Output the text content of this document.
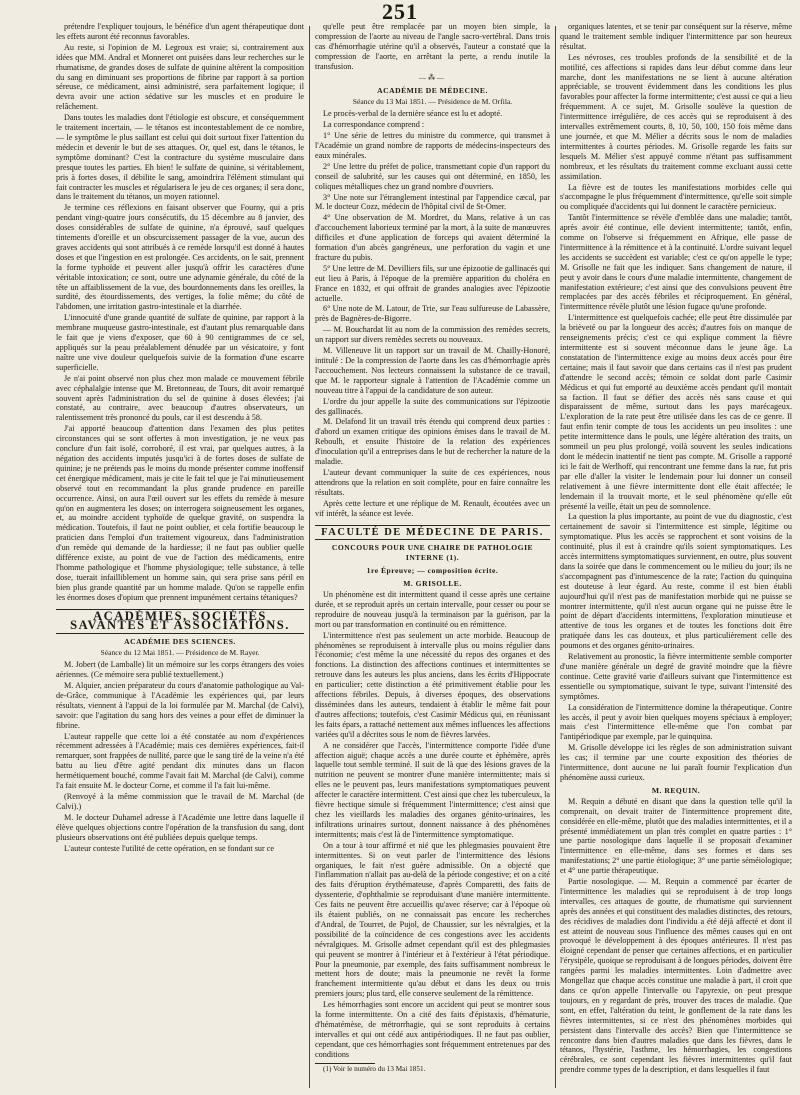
251

prétendre l'expliquer toujours, le bénéfice d'un agent thérapeutique dont les effets auront été reconnus favorables.

Au reste, si l'opinion de M. Legroux est vraie; si, contrairement aux idées que MM. Andral et Monneret ont puisées dans leur recherches sur le rhumatisme, de grandes doses de sulfate de quinine altèrent la composition du sang en diminuant ses proportions de fibrine par rapport à sa portion séreuse, ce médicament, ainsi administré, sera parfaitement logique; il devra avoir une action sédative sur les muscles et en produire le relâchement.

Dans toutes les maladies dont l'étiologie est obscure, et conséquemment le traitement incertain, — le tétanos est incontestablement de ce nombre, — le symptôme le plus saillant est celui qui doit surtout fixer l'attention du médecin et devenir le but de ses attaques. Or, quel est, dans le tétanos, le symptôme dominant? C'est la contracture du système musculaire dans presque toutes les parties. Eh bien! le sulfate de quinine, si véritablement, pris à fortes doses, il débilite le sang, amoindrira l'élément stimulant qui fait contracter les muscles et régularisera le jeu de ces organes; il sera donc, dans le traitement du tétanos, un moyen rationnel.

Je termine ces réflexions en faisant observer que Fourny, qui a pris pendant vingt-quatre jours consécutifs, du 15 décembre au 8 janvier, des doses considérables de sulfate de quinine, n'a éprouvé, sauf quelques tintements d'oreille et un obscurcissement passager de la vue, aucun des graves accidents qui sont attribués à ce remède lorsqu'il est donné à hautes doses et que l'ingestion en est prolongée. Ces accidents, on le sait, prennent la forme typhoïde et peuvent aller jusqu'à offrir les caractères d'une véritable intoxication; ce sont, outre une adynamie générale, du côté de la tête un affaiblissement de la vue, des bourdonnements dans les oreilles, la surdité, des étourdissements, des vertiges, la folie même; du côté de l'abdomen, une irritation gastro-intestinale et la diarrhée.

L'innocuité d'une grande quantité de sulfate de quinine, par rapport à la membrane muqueuse gastro-intestinale, est d'autant plus remarquable dans le fait que je viens d'exposer, que 60 à 90 centigrammes de ce sel, appliqués sur la peau préalablement dénudée par un vésicatoire, y font naître une vive douleur quelquefois suivie de la formation d'une escarre superficielle.

Je n'ai point observé non plus chez mon malade ce mouvement fébrile avec céphalalgie intense que M. Bretonneau, de Tours, dit avoir remarqué souvent après l'administration du sel de quinine à doses élevées; j'ai constaté, au contraire, avec beaucoup d'autres observateurs, un ralentissement très prononcé du pouls, car il est descendu à 58.

J'ai apporté beaucoup d'attention dans l'examen des plus petites circonstances qui se sont offertes à mon investigation, je ne veux pas conclure d'un fait isolé, corroboré, il est vrai, par quelques autres, à la négation des accidents imputés jusqu'ici à de fortes doses de sulfate de quinine; je ne prétends pas le moins du monde présenter comme inoffensif cet énergique médicament, mais je cite le fait tel que je l'ai minutieusement observé tout en recommandant la plus grande prudence en pareille occurrence. Ainsi, on aura l'œil ouvert sur les effets du remède à mesure qu'on en augmentera les doses; on interrogera soigneusement les organes, et, au moindre accident typhoïde de quelque gravité, on suspendra la médication. Toutefois, il faut ne point oublier, et cela fortifie beaucoup le praticien dans l'emploi d'un traitement vigoureux, dans l'administration d'un remède qui demande de la hardiesse; il ne faut pas oublier quelle différence existe, au point de vue de l'action des médicaments, entre l'homme pathologique et l'homme physiologique; telle substance, à telle dose, tuerait infailliblement un homme sain, qui sera prise sans péril en bien plus grande quantité par un homme malade. Qu'on se rappelle enfin les énormes doses d'opium que prennent impunément certains tétaniques?

ACADÉMIES, SOCIÉTÉS SAVANTES ET ASSOCIATIONS.
ACADÉMIE DES SCIENCES.
Séance du 12 Mai 1851. — Présidence de M. Rayer.

M. Jobert (de Lamballe) lit un mémoire sur les corps étrangers des voies aériennes. (Ce mémoire sera publié textuellement.)

M. Alquier, ancien préparateur du cours d'anatomie pathologique au Val-de-Grâce, communique à l'Académie les expériences qui, par leurs résultats, viennent à l'appui de la loi formulée par M. Marchal (de Calvi), savoir: que l'agitation du sang hors des veines a pour effet de diminuer la fibrine.

L'auteur rappelle que cette loi a été constatée au nom d'expériences récemment adressées à l'Académie; mais ces dernières expériences, fait-il remarquer, sont frappées de nullité, parce que le sang tiré de la veine n'a été battu au lieu d'être agité pendant dix minutes dans un flacon hermétiquement bouché, comme l'avait fait M. Marchal (de Calvi), comme l'a fait ensuite M. le docteur Corne, et comme il l'a fait lui-même.

(Renvoyé à la même commission que le travail de M. Marchal (de Calvi).)

M. le docteur Duhamel adresse à l'Académie une lettre dans laquelle il élève quelques objections contre l'opération de la transfusion du sang, dont plusieurs observations ont été publiées depuis quelque temps.

L'auteur conteste l'utilité de cette opération, en se fondant sur ce

qu'elle peut être remplacée par un moyen bien simple, la compression de l'aorte au niveau de l'angle sacro-vertébral. Dans trois cas d'hémorrhagie utérine qu'il a observés, l'auteur a constaté que la compression de l'aorte, en arrêtant la perte, a rendu inutile la transfusion.

—⁂—
ACADÉMIE DE MÉDECINE.
Séance du 13 Mai 1851. — Présidence de M. Orfila.

Le procès-verbal de la dernière séance est lu et adopté.

La correspondance comprend :

1° Une série de lettres du ministre du commerce, qui transmet à l'Académie un grand nombre de rapports de médecins-inspecteurs des eaux minérales.

2° Une lettre du préfet de police, transmettant copie d'un rapport du conseil de salubrité, sur les causes qui ont déterminé, en 1850, les coliques métalliques chez un grand nombre d'ouvriers.

3° Une note sur l'étranglement intestinal par l'appendice cæcal, par M. le docteur Cozz, médecin de l'hôpital civil de St-Omer.

4° Une observation de M. Mordret, du Mans, relative à un cas d'accouchement laborieux terminé par la mort, à la suite de manœuvres difficiles et d'une application de forceps qui avaient déterminé la formation d'un abcès gangréneux, une perforation du vagin et une fracture du pubis.

5° Une lettre de M. Devilliers fils, sur une épizootie de gallinacés qui eut lieu à Paris, à l'époque de la première apparition du choléra en France en 1832, et qui offrait de grandes analogies avec l'épizootie actuelle.

6° Une note de M. Latour, de Trie, sur l'eau sulfureuse de Labassère, près de Bagnères-de-Bigorre.

— M. Bouchardat lit au nom de la commission des remèdes secrets, un rapport sur divers remèdes secrets ou nouveaux.

M. Villeneuve lit un rapport sur un travail de M. Chailly-Honoré, intitulé : De la compression de l'aorte dans les cas d'hémorrhagie après l'accouchement. Nos lecteurs connaissent la substance de ce travail, que M. le rapporteur signale à l'attention de l'Académie comme un nouveau titre à l'appui de la candidature de son auteur.

L'ordre du jour appelle la suite des communications sur l'épizootie des gallinacés.

M. Delafond lit un travail très étendu qui comprend deux parties : d'abord un examen critique des opinions émises dans le travail de M. Reboulh, et ensuite l'histoire de la relation des expériences d'inoculation qu'il a entreprises dans le but de rechercher la nature de la maladie.

L'auteur devant communiquer la suite de ces expériences, nous attendrons que la relation en soit complète, pour en faire connaître les résultats.

Après cette lecture et une réplique de M. Renault, écoutées avec un vif intérêt, la séance est levée.

FACULTÉ DE MÉDECINE DE PARIS.
CONCOURS POUR UNE CHAIRE DE PATHOLOGIE INTERNE (1).
1re Épreuve; — composition écrite.
M. GRISOLLE.

Un phénomène est dit intermittent quand il cesse après une certaine durée, et se reproduit après un certain intervalle, pour cesser ou pour se reproduire de nouveau jusqu'à la terminaison par la guérison, par la mort ou par transformation en continuité ou en rémittence.

L'intermittence n'est pas seulement un acte morbide. Beaucoup de phénomènes se reproduisent à intervalle plus ou moins régulier dans l'économie; c'est même la une nécessité du repos des organes et des fonctions. La distinction des affections continues et intermittentes se retrouve dans les auteurs les plus anciens, dans les écrits d'Hippocrate en particulier; cette distinction a été primitivement établie pour les affections fébriles. Depuis, à diverses époques, des observations disséminées dans les auteurs, tendaient à établir le même fait pour d'autres affections; toutefois, c'est Casimir Médicus qui, en réunissant les faits épars, a rattaché nettement aux mêmes influences les affections variées qu'il a décrites sous le nom de fièvres larvées.

A ne considérer que l'accès, l'intermittence comporte l'idée d'une affection aiguë; chaque accès a une durée courte et éphémère, après laquelle tout semble terminé. Il suit de là que des lésions graves de la nutrition ne peuvent se montrer d'une manière intermittente; mais si elles ne le peuvent pas, leurs manifestations symptomatiques peuvent affecter le caractère intermittent. C'est ainsi que chez les tuberculeux, la fièvre hectique simule si fréquemment l'intermittence; c'est ainsi que chez les vieillards les maladies des organes génito-urinaires, les infiltrations urinaires surtout, donnent naissance à des phénomènes intermittents; mais c'est là de l'intermittence symptomatique.

On a tour à tour affirmé et nié que les phlegmasies pouvaient être intermittentes. Si on veut parler de l'intermittence des lésions organiques, le fait n'est guère admissible. On a objecté que l'inflammation n'allait pas au-delà de la période congestive; et on a cité des faits d'éruption érythémateuse, d'après Comparetti, des faits de dyssenterie, d'ophthalmie se reproduisant d'une manière intermittente. Ces faits ne peuvent être accueillis qu'avec réserve; car à l'époque où ils étaient publiés, on ne connaissait pas encore les recherches d'Andral, de Tourret, de Pujol, de Chaussier, sur les névralgies, et la possibilité de la coïncidence de ces congestions avec les accidents névralgiques. M. Grisolle admet cependant qu'il est des phlegmasies qui peuvent se montrer à l'intérieur et à l'extérieur à l'état périodique. Pour la pneumonie, par exemple, des faits suffisamment nombreux le mettent hors de doute; mais la pneumonie ne revêt la forme franchement intermittente qu'au début et dans les deux ou trois premiers jours; plus tard, elle conserve seulement de la rémittence.

Les hémorrhagies sont encore un accident qui peut se montrer sous la forme intermittente. On a cité des faits d'épistaxis, d'hématurie, d'hématémèse, de métrorrhagie, qui se sont reproduits à certains intervalles et qui ont cédé aux antipériodiques. Il ne faut pas oublier, cependant, que ces hémorrhagies sont fréquemment entretenues par des conditions

(1) Voir le numéro du 13 Mai 1851.

organiques latentes, et se tenir par conséquent sur la réserve, même quand le traitement semble indiquer l'intermittence par son heureux résultat.

Les névroses, ces troubles profonds de la sensibilité et de la motilité, ces affections si rapides dans leur début comme dans leur marche, dont les manifestations ne se lient à aucune altération appréciable, se trouvent évidemment dans les conditions les plus favorables pour affecter la forme intermittente; c'est aussi ce qui a lieu fréquemment. A ce sujet, M. Grisolle soulève la question de l'intermittence irrégulière, de ces accès qui se reproduisent à des intervalles extrêmement courts, 8, 10, 50, 100, 150 fois même dans une journée, et que M. Mélier a décrits sous le nom de maladies intermittentes à courtes périodes. M. Grisolle regarde les faits sur lesquels M. Mélier s'est appuyé comme n'étant pas suffisamment nombreux, et les résultats du traitement comme excluant aussi cette assimilation.

La fièvre est de toutes les manifestations morbides celle qui s'accompagne le plus fréquemment d'intermittence, qu'elle soit simple ou compliquée d'accidents qui lui donnent le caractère pernicieux.

Tantôt l'intermittence se révèle d'emblée dans une maladie; tantôt, après avoir été continue, elle devient intermittente; tantôt, enfin, comme on l'observe si fréquemment en Afrique, elle passe de l'intermittence à la rémittence et à la continuité. L'ordre suivant lequel les accidents se succèdent est variable; c'est ce qu'on appelle le type; M. Grisolle ne fait que les indiquer. Sans changement de nature, il peut y avoir dans le cours d'une maladie intermittente, changement de manifestation extérieure; c'est ainsi que des convulsions peuvent être remplacées par des accès fébriles et réciproquement. En général, l'intermittence révèle plutôt une lésion fugace qu'une profonde.

L'intermittence est quelquefois cachée; elle peut être dissimulée par la brièveté ou par la longueur des accès; d'autres fois on manque de renseignements précis; c'est ce qui explique comment la fièvre intermittente est si souvent méconnue dans le jeune âge. La constatation de l'intermittence exige au moins deux accès pour être certaine; mais il faut savoir que dans certains cas il n'est pas prudent d'attendre le second accès; témoin ce soldat dont parle Casimir Médicus et qui fut emporté au deuxième accès pendant qu'il montait sa faction. Il faut se défier des accès nés sans cause et qui disparaissent de même, surtout dans les pays marécageux. L'exploration de la rate peut être utilisée dans les cas de ce genre. Il faut enfin tenir compte de tous les accidents un peu insolites : une petite intermittence dans le pouls, une légère altération des traits, un sommeil un peu plus prolongé, voilà souvent les seules indications dont le médecin inattentif ne tient pas compte. M. Grisolle a rapporté ici le fait de Werlhoff, qui rencontrant une femme dans la rue, fut pris par elle d'aller la visiter le lendemain pour lui donner un conseil relativement à une fièvre intermittente dont elle était affectée; le lendemain il la trouvait morte, et le seul phénomène qu'elle eût présenté la veille, était un peu de somnolence.

La question la plus importante, au point de vue du diagnostic, c'est certainement de savoir si l'intermittence est simple, légitime ou symptomatique. Plus les accès se rapprochent et sont voisins de la continuité, plus il est à craindre qu'ils soient symptomatiques. Les accès intermittens symptomatiques surviennent, en outre, plus souvent dans la soirée que dans le commencement ou le milieu du jour; ils ne s'accompagnent pas d'intumescence de la rate; l'action du quinquina est douteuse à leur égard. Au reste, comme il est bien établi aujourd'hui qu'il n'est pas de manifestation morbide qui ne puisse se montrer intermittente, qu'il n'est aucun organe qui ne puisse être le point de départ d'accidents intermittens, l'exploration minutieuse et attentive de tous les organes et de toutes les fonctions doit être pratiquée dans les cas douteux, et plus particulièrement celle des poumons et des organes génito-urinaires.

Relativement au pronostic, la fièvre intermittente semble comporter d'une manière générale un degré de gravité moindre que la fièvre continue. Cette gravité varie d'ailleurs suivant que l'intermittence est essentielle ou symptomatique, suivant le type, suivant l'intensité des symptômes.

La considération de l'intermittence domine la thérapeutique. Contre les accès, il peut y avoir bien quelques moyens spéciaux à employer; mais c'est l'intermittence elle-même que l'on combat par l'antipériodique par exemple, par le quinquina.

M. Grisolle développe ici les règles de son administration suivant les cas; il termine par une courte exposition des théories de l'intermittence, dont aucune ne lui paraît fournir l'explication d'un phénomène aussi curieux.

M. REQUIN.

M. Requin a débuté en disant que dans la question telle qu'il la comprenait, on devait traiter de l'intermittence proprement dite, considérée en elle-même, plutôt que des maladies intermittentes, et il a présenté immédiatement un plan très complet en quatre parties : 1° une partie nosologique dans laquelle il se proposait d'examiner l'intermittence en elle-même, dans ses formes et dans ses manifestations; 2° une partie étiologique; 3° une partie séméiologique; et 4° une partie thérapeutique.

Partie nosologique. — M. Requin a commencé par écarter de l'intermittence les maladies qui se reproduisent à de trop longs intervalles, ces attaques de goutte, de rhumatisme qui surviennent après des années et qui constituent des maladies distinctes, des retours, des récidives de maladies dont l'individu a été déjà affecté et dont il est atteint de nouveau sous l'influence des mêmes causes qui en ont provoqué le développement à des époques antérieures. Il n'est pas éloigné cependant de penser que certaines affections, et en particulier l'érysipèle, quoique se reproduisant à de longues périodes, doivent être rangées parmi les maladies intermittentes. Loin d'admettre avec Mongellaz que chaque accès constitue une maladie à part, il croit que dans ce qu'on appelle l'intervalle ou l'apyrexie, on peut presque toujours, en y regardant de près, trouver des traces de maladie. Que sont, en effet, l'altération du teint, le gonflement de la rate dans les fièvres intermittentes, si ce n'est des phénomènes morbides qui persistent dans l'intervalle des accès? Bien que l'intermittence se rencontre dans bien d'autres maladies que dans les fièvres, dans le tétanos, l'hystérie, l'asthme, les hémorrhagies, les congestions cérébrales, ce sont cependant les fièvres intermittentes qu'il faut prendre comme types de la description, et dans lesquelles il faut
